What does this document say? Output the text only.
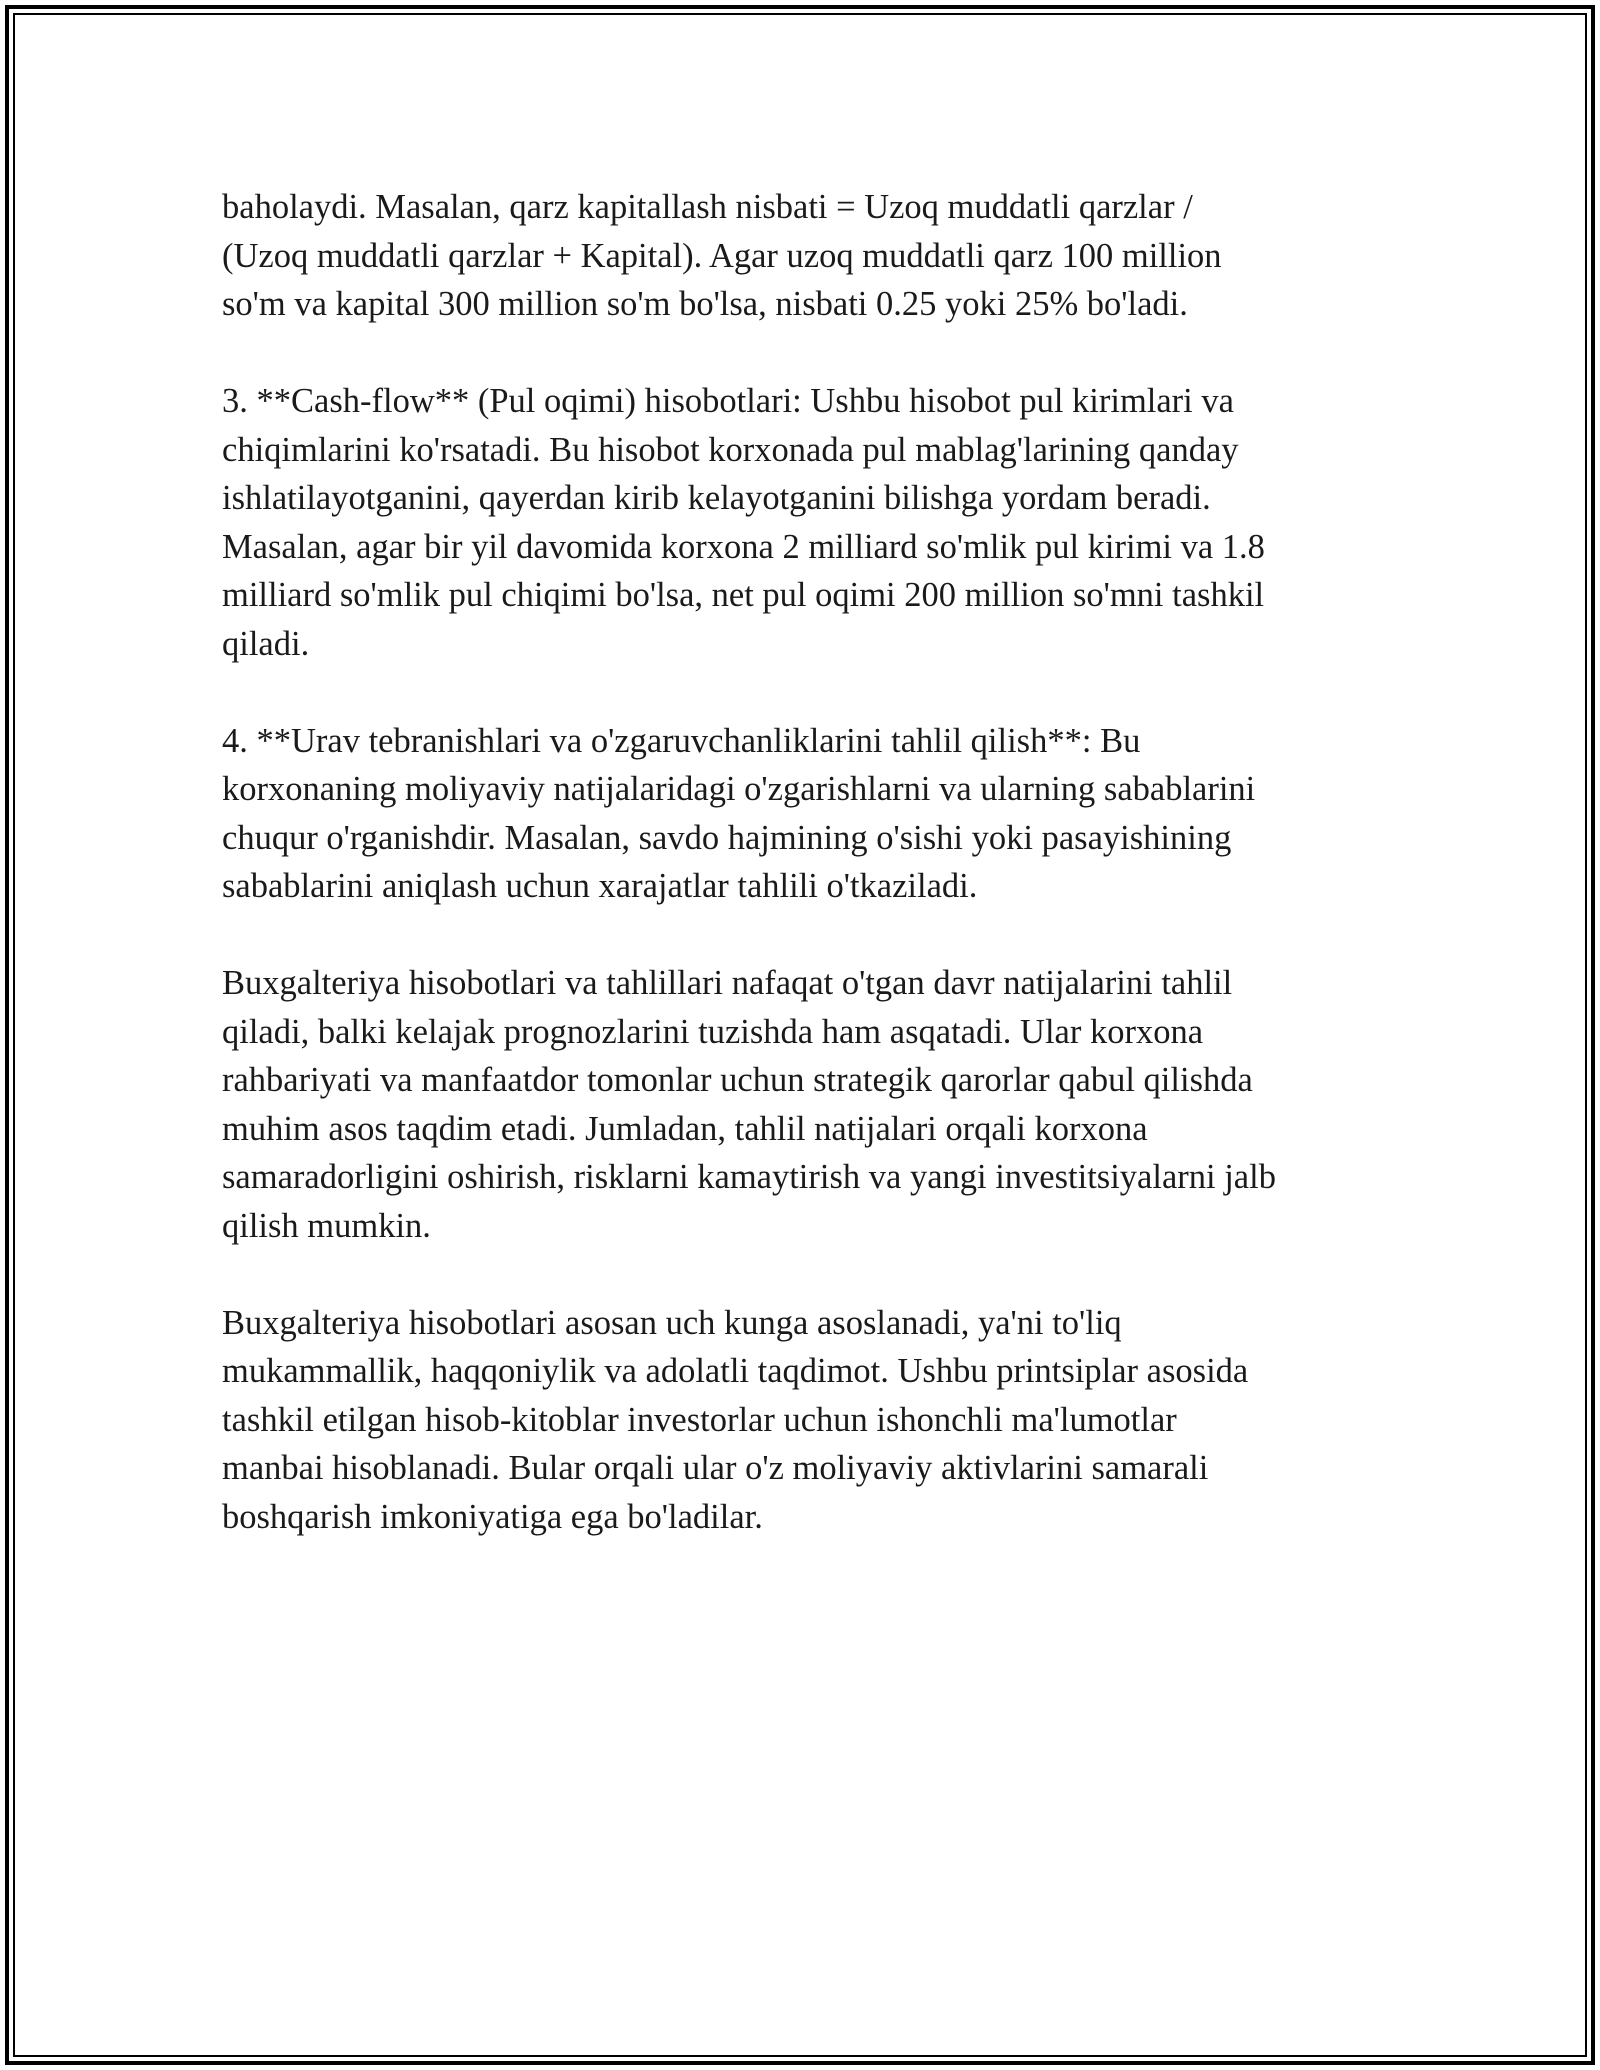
baholaydi. Masalan, qarz kapitallash nisbati = Uzoq muddatli qarzlar /
(Uzoq muddatli qarzlar + Kapital). Agar uzoq muddatli qarz 100 million
so'm va kapital 300 million so'm bo'lsa, nisbati 0.25 yoki 25% bo'ladi.

3. **Cash-flow** (Pul oqimi) hisobotlari: Ushbu hisobot pul kirimlari va
chiqimlarini ko'rsatadi. Bu hisobot korxonada pul mablag'larining qanday
ishlatilayotganini, qayerdan kirib kelayotganini bilishga yordam beradi.
Masalan, agar bir yil davomida korxona 2 milliard so'mlik pul kirimi va 1.8
milliard so'mlik pul chiqimi bo'lsa, net pul oqimi 200 million so'mni tashkil
qiladi.

4. **Urav tebranishlari va o'zgaruvchanliklarini tahlil qilish**: Bu
korxonaning moliyaviy natijalaridagi o'zgarishlarni va ularning sabablarini
chuqur o'rganishdir. Masalan, savdo hajmining o'sishi yoki pasayishining
sabablarini aniqlash uchun xarajatlar tahlili o'tkaziladi.

Buxgalteriya hisobotlari va tahlillari nafaqat o'tgan davr natijalarini tahlil
qiladi, balki kelajak prognozlarini tuzishda ham asqatadi. Ular korxona
rahbariyati va manfaatdor tomonlar uchun strategik qarorlar qabul qilishda
muhim asos taqdim etadi. Jumladan, tahlil natijalari orqali korxona
samaradorligini oshirish, risklarni kamaytirish va yangi investitsiyalarni jalb
qilish mumkin.

Buxgalteriya hisobotlari asosan uch kunga asoslanadi, ya'ni to'liq
mukammallik, haqqoniylik va adolatli taqdimot. Ushbu printsiplar asosida
tashkil etilgan hisob-kitoblar investorlar uchun ishonchli ma'lumotlar
manbai hisoblanadi. Bular orqali ular o'z moliyaviy aktivlarini samarali
boshqarish imkoniyatiga ega bo'ladilar.
